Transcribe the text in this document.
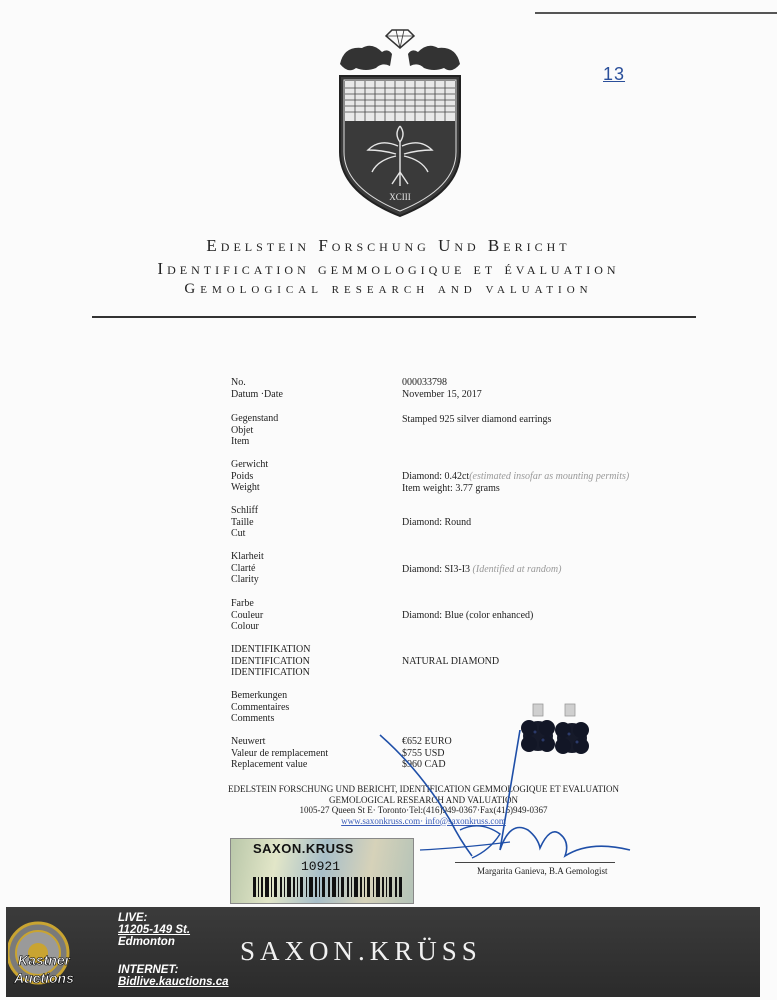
13
XCIII
Edelstein Forschung Und Bericht
Identification gemmologique et évaluation
Gemological research and valuation
No.
Datum ·Date
000033798
November 15, 2017
Gegenstand
Objet
Item
Stamped 925 silver diamond earrings
Gerwicht
Poids
Weight
Diamond: 0.42ct(estimated insofar as mounting permits)
Item weight: 3.77 grams
Schliff
Taille
Cut
Diamond: Round
Klarheit
Clarté
Clarity
Diamond: SI3-I3 (Identified at random)
Farbe
Couleur
Colour
Diamond: Blue (color enhanced)
IDENTIFIKATION
IDENTIFICATION
IDENTIFICATION
NATURAL DIAMOND
Bemerkungen
Commentaires
Comments
Neuwert
Valeur de remplacement
Replacement value
€652 EURO
$755 USD
$960 CAD
EDELSTEIN FORSCHUNG UND BERICHT, IDENTIFICATION GEMMOLOGIQUE ET EVALUATION
GEMOLOGICAL RESEARCH AND VALUATION
1005-27 Queen St E· Toronto·Tel:(416)949-0367·Fax(416)949-0367
www.saxonkruss.com· info@saxonkruss.com
Margarita Ganieva, B.A Gemologist
SAXON.KRUSS
10921
Kastner
Auctions
LIVE:
11205-149 St.
Edmonton
INTERNET:
Bidlive.kauctions.ca
SAXON.KRÜSS
